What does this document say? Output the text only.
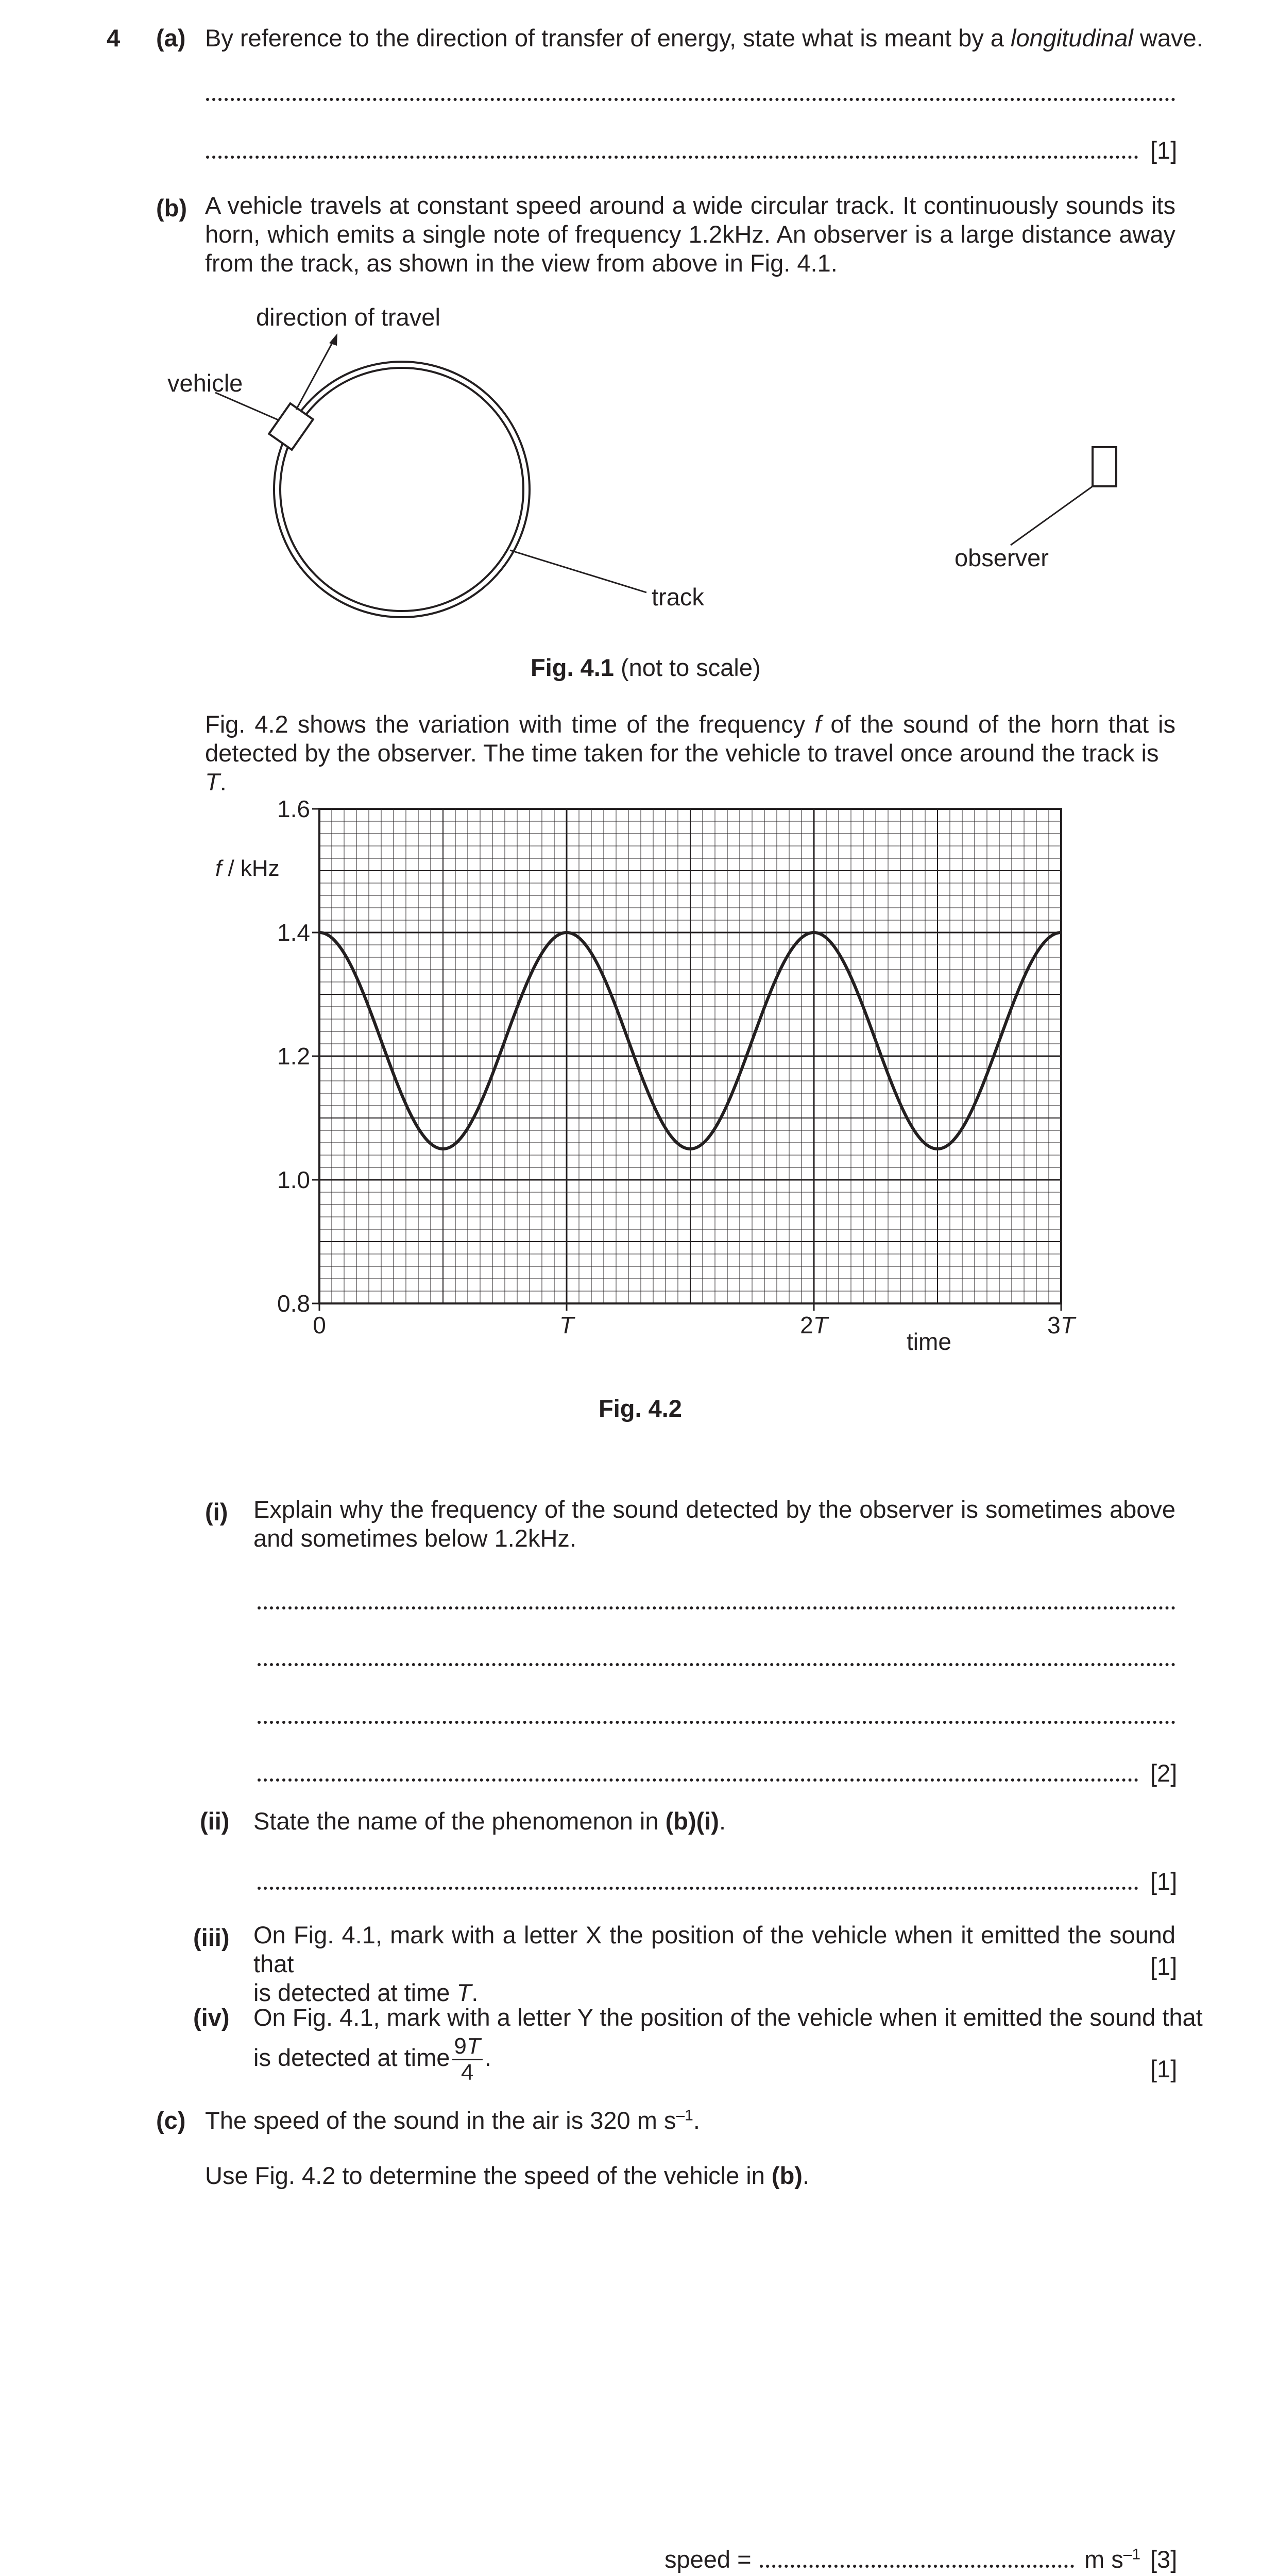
4 (a) By reference to the direction of transfer of energy, state what is meant by a longitudinal wave.
[1]
(b) A vehicle travels at constant speed around a wide circular track. It continuously sounds its
horn, which emits a single note of frequency 1.2kHz. An observer is a large distance away

from the track, as shown in the view from above in Fig. 4.1.
direction of travel
vehicle
track
observer
Fig. 4.1 (not to scale)
Fig. 4.2 shows the variation with time of the frequency f of the sound of the horn that is

detected by the observer. The time taken for the vehicle to travel once around the track is T.
0.8
1.0
1.2
1.4
1.6
0	T	2T	3T
f / kHz
time
Fig. 4.2
(i) Explain why the frequency of the sound detected by the observer is sometimes above

and sometimes below 1.2kHz.
[2]
(ii) State the name of the phenomenon in (b)(i).
[1]
(iii) On Fig. 4.1, mark with a letter X the position of the vehicle when it emitted the sound that

is detected at time T.
[1]
(iv) On Fig. 4.1, mark with a letter Y the position of the vehicle when it emitted the sound that
is detected at time $\frac{9T}{4}$ .	[1]
(c) The speed of the sound in the air is 320 m $s^{-1}$.
Use Fig. 4.2 to determine the speed of the vehicle in (b).
speed =	m $s^{-1}$ [3]
